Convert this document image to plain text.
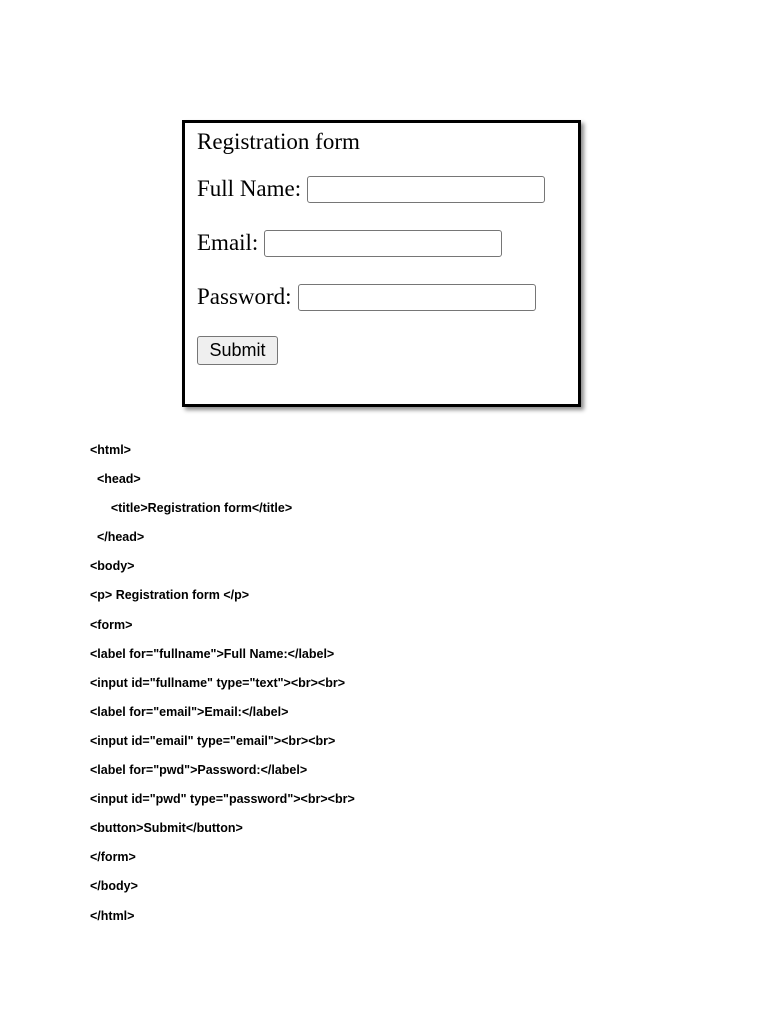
Registration form
Full Name:
Email:
Password:
Submit
<html>
<head>
<title>Registration form</title>
</head>
<body>
<p> Registration form </p>
<form>
<label for="fullname">Full Name:</label>
<input id="fullname" type="text"><br><br>
<label for="email">Email:</label>
<input id="email" type="email"><br><br>
<label for="pwd">Password:</label>
<input id="pwd" type="password"><br><br>
<button>Submit</button>
</form>
</body>
</html>
